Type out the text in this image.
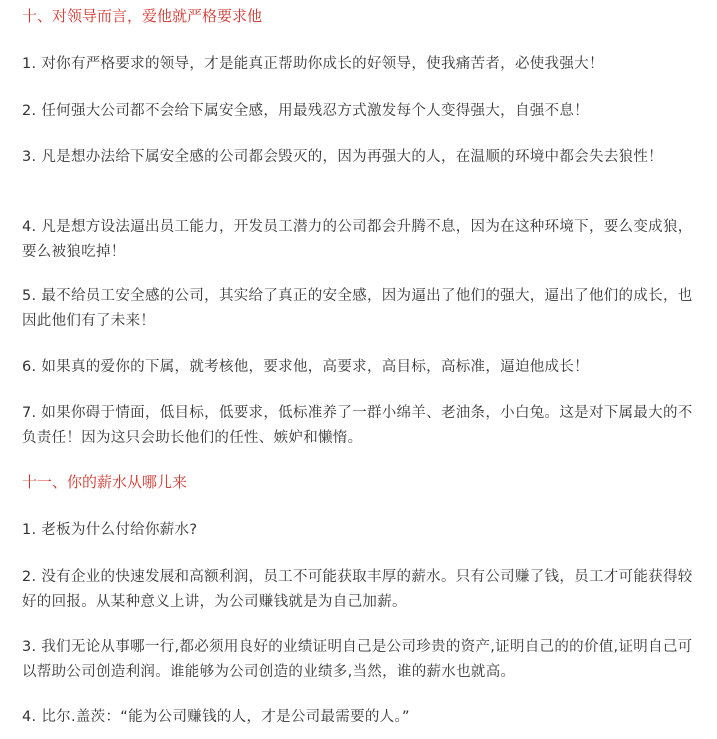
十、对领导而言，爱他就严格要求他

1. 对你有严格要求的领导，才是能真正帮助你成长的好领导，使我痛苦者，必使我强大！

2. 任何强大公司都不会给下属安全感，用最残忍方式激发每个人变得强大，自强不息！

3. 凡是想办法给下属安全感的公司都会毁灭的，因为再强大的人，在温顺的环境中都会失去狼性！

4. 凡是想方设法逼出员工能力，开发员工潜力的公司都会升腾不息，因为在这种环境下，要么变成狼，要么被狼吃掉！

5. 最不给员工安全感的公司，其实给了真正的安全感，因为逼出了他们的强大，逼出了他们的成长，也因此他们有了未来！

6. 如果真的爱你的下属，就考核他，要求他，高要求，高目标，高标准，逼迫他成长！

7. 如果你碍于情面，低目标，低要求，低标准养了一群小绵羊、老油条，小白兔。这是对下属最大的不负责任！因为这只会助长他们的任性、嫉妒和懒惰。

十一、你的薪水从哪儿来

1. 老板为什么付给你薪水?

2. 没有企业的快速发展和高额利润，员工不可能获取丰厚的薪水。只有公司赚了钱，员工才可能获得较好的回报。从某种意义上讲，为公司赚钱就是为自己加薪。

3. 我们无论从事哪一行,都必须用良好的业绩证明自己是公司珍贵的资产,证明自己的的价值,证明自己可以帮助公司创造利润。谁能够为公司创造的业绩多,当然，谁的薪水也就高。

4. 比尔.盖茨：“能为公司赚钱的人，才是公司最需要的人。”
